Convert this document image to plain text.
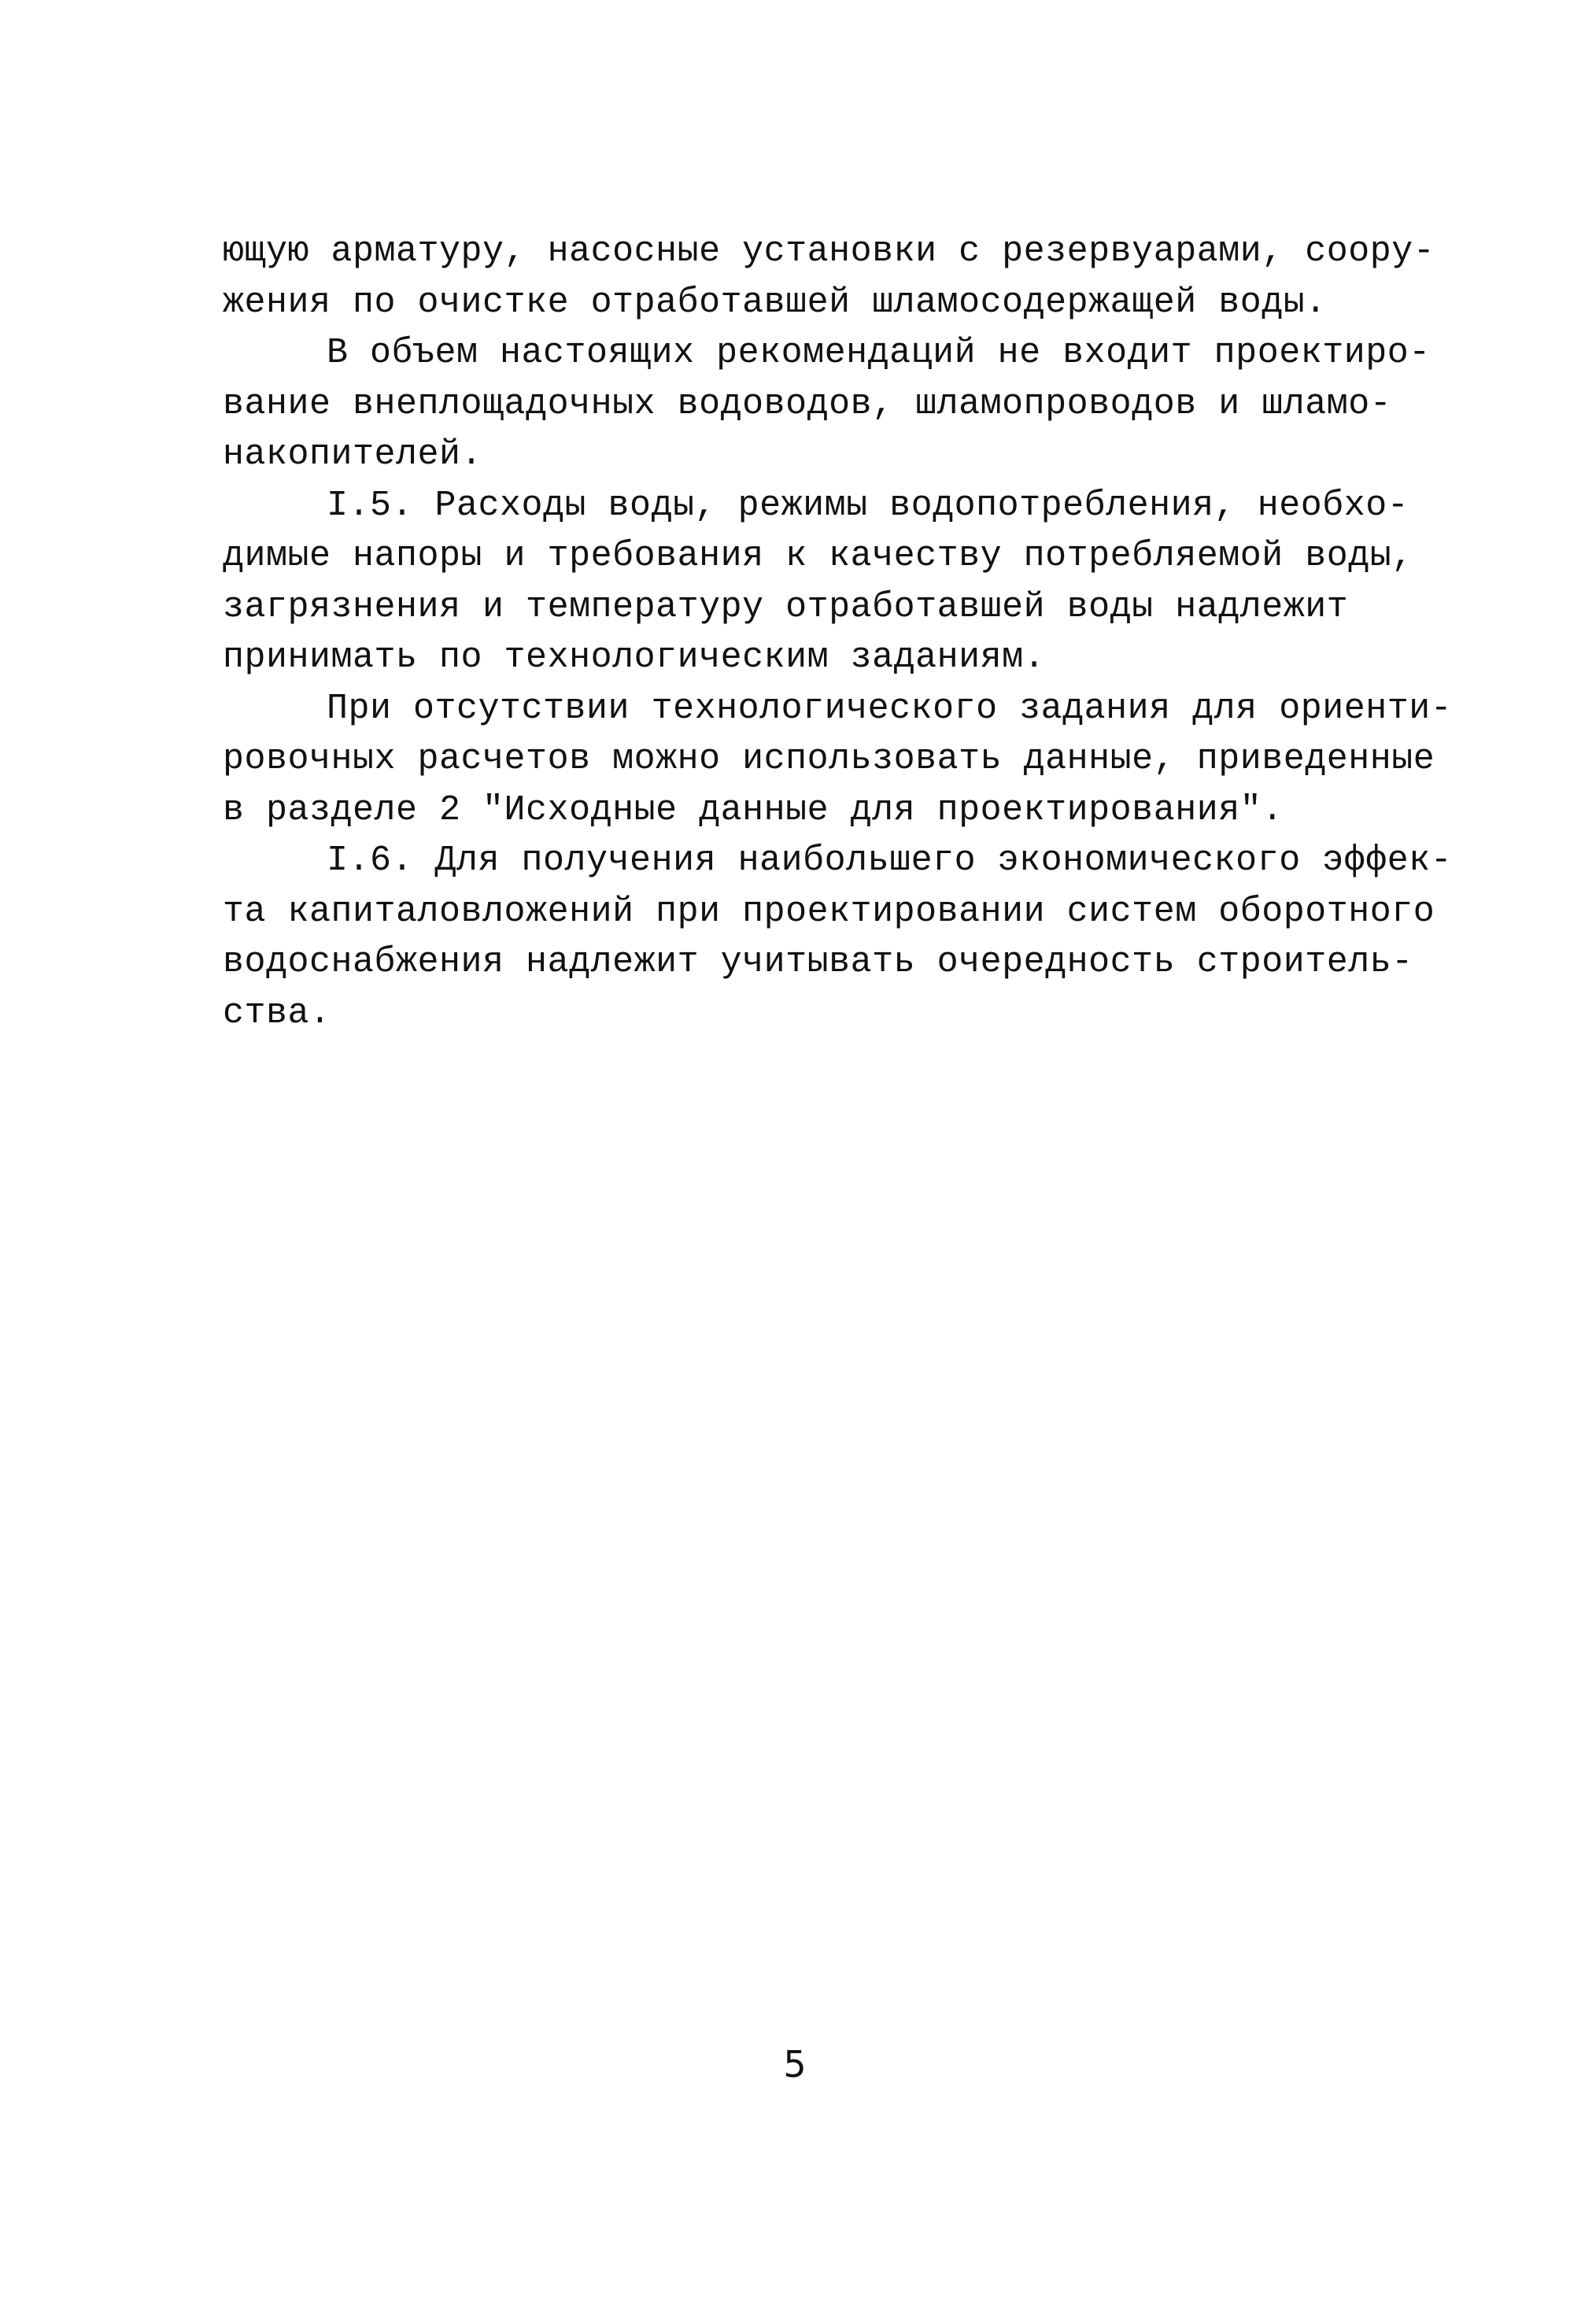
ющую арматуру, насосные установки с резервуарами, соору-
жения по очистке отработавшей шламосодержащей воды.
В объем настоящих рекомендаций не входит проектиро-
вание внеплощадочных водоводов, шламопроводов и шламо-
накопителей.
I.5. Расходы воды, режимы водопотребления, необхо-
димые напоры и требования к качеству потребляемой воды,
загрязнения и температуру отработавшей воды надлежит
принимать по технологическим заданиям.
При отсутствии технологического задания для ориенти-
ровочных расчетов можно использовать данные, приведенные
в разделе 2 "Исходные данные для проектирования".
I.6. Для получения наибольшего экономического эффек-
та капиталовложений при проектировании систем оборотного
водоснабжения надлежит учитывать очередность строитель-
ства.
5
